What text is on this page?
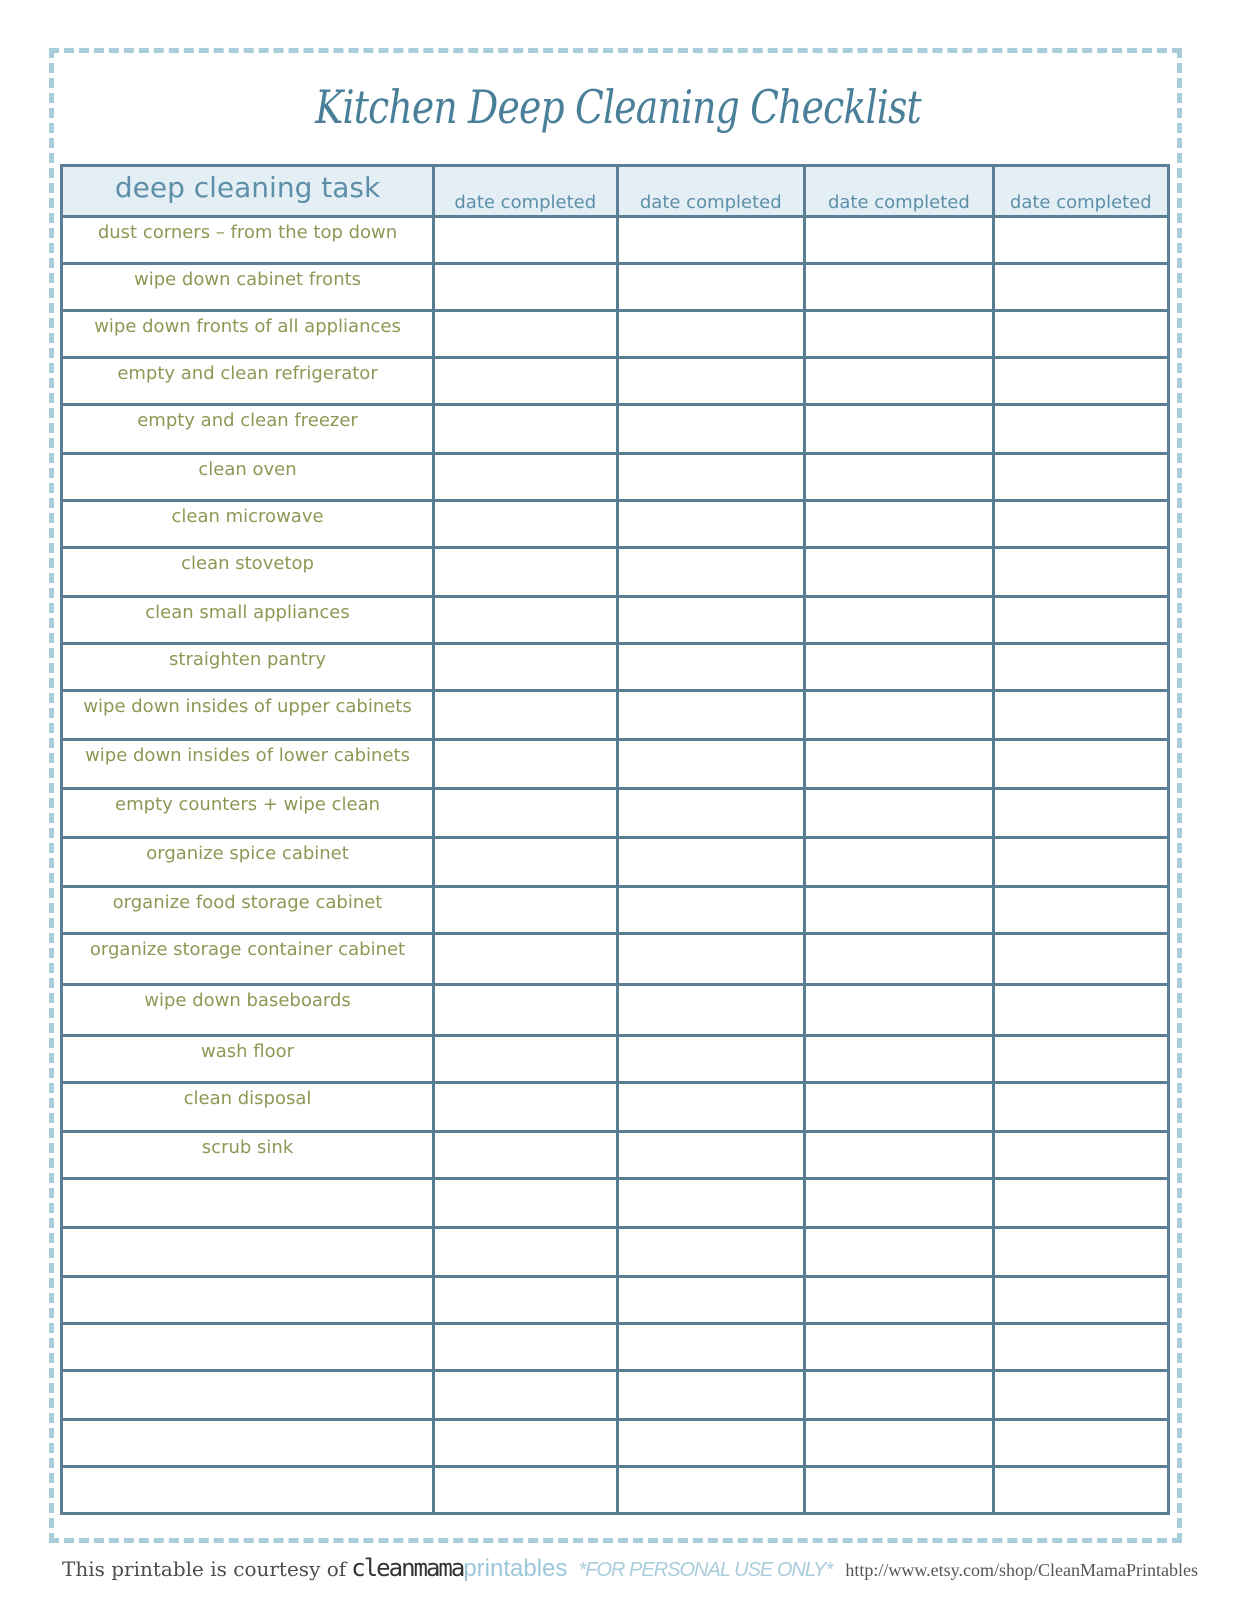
Kitchen Deep Cleaning Checklist
deep cleaning task	date completed	date completed	date completed	date completed
dust corners – from the top down				
wipe down cabinet fronts				
wipe down fronts of all appliances				
empty and clean refrigerator				
empty and clean freezer				
clean oven				
clean microwave				
clean stovetop				
clean small appliances				
straighten pantry				
wipe down insides of upper cabinets				
wipe down insides of lower cabinets				
empty counters + wipe clean				
organize spice cabinet				
organize food storage cabinet				
organize storage container cabinet				
wipe down baseboards				
wash floor				
clean disposal				
scrub sink				

This printable is courtesy of cleanmamaprintables *FOR PERSONAL USE ONLY* http://www.etsy.com/shop/CleanMamaPrintables
